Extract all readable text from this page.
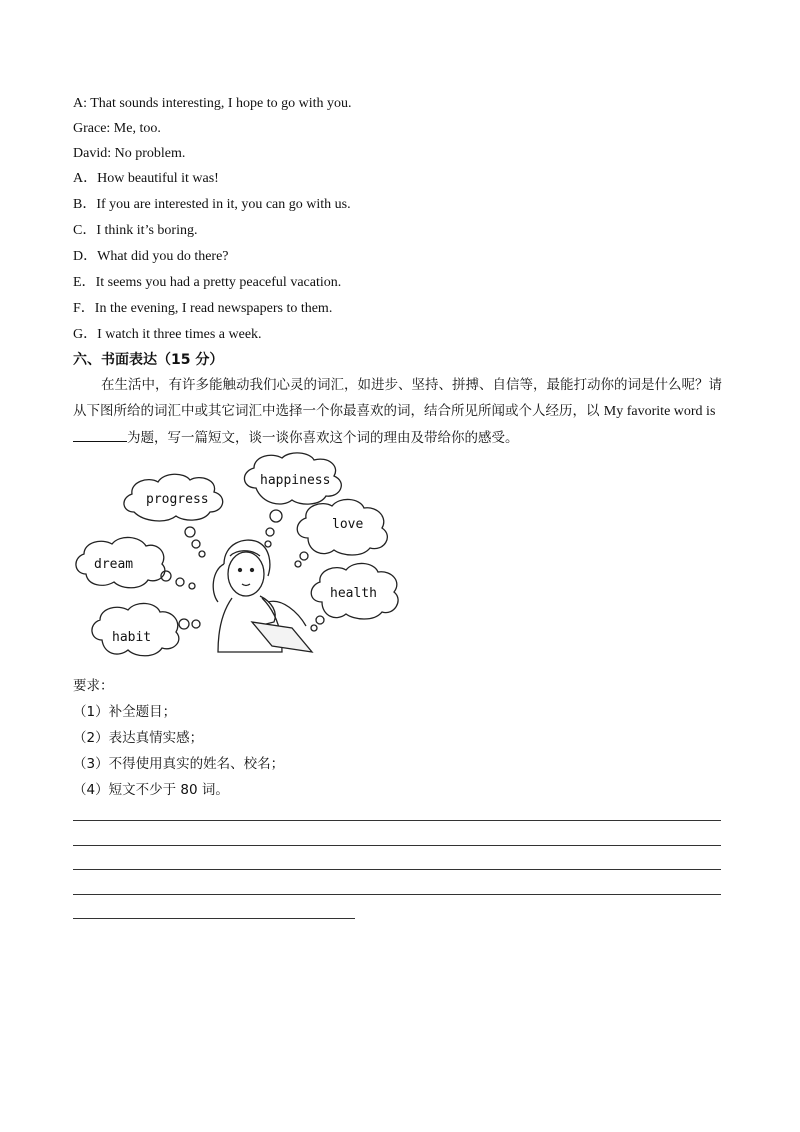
A: That sounds interesting, I hope to go with you.
Grace: Me, too.
David: No problem.
A．How beautiful it was!
B．If you are interested in it, you can go with us.
C．I think it’s boring.
D．What did you do there?
E．It seems you had a pretty peaceful vacation.
F．In the evening, I read newspapers to them.
G．I watch it three times a week.
六、书面表达（15 分）
在生活中，有许多能触动我们心灵的词汇，如进步、坚持、拼搏、自信等，最能打动你的词是什么呢？请从下图所给的词汇中或其它词汇中选择一个你最喜欢的词，结合所见所闻或个人经历，以 My favorite word is 为题，写一篇短文，谈一谈你喜欢这个词的理由及带给你的感受。
progress
happiness
love
dream
health
habit
要求：
（1）补全题目；
（2）表达真情实感；
（3）不得使用真实的姓名、校名；
（4）短文不少于 80 词。
